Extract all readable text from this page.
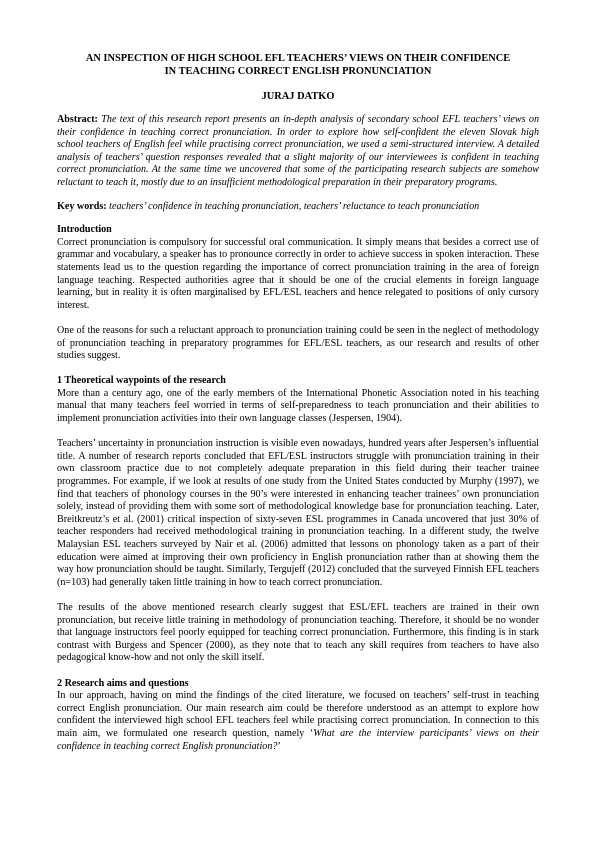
AN INSPECTION OF HIGH SCHOOL EFL TEACHERS’ VIEWS ON THEIR CONFIDENCE
IN TEACHING CORRECT ENGLISH PRONUNCIATION

JURAJ DATKO

Abstract: The text of this research report presents an in-depth analysis of secondary school EFL teachers’ views on their confidence in teaching correct pronunciation. In order to explore how self-confident the eleven Slovak high school teachers of English feel while practising correct pronunciation, we used a semi-structured interview. A detailed analysis of teachers’ question responses revealed that a slight majority of our interviewees is confident in teaching correct pronunciation. At the same time we uncovered that some of the participating research subjects are somehow reluctant to teach it, mostly due to an insufficient methodological preparation in their preparatory programs.

Key words: teachers’ confidence in teaching pronunciation, teachers’ reluctance to teach pronunciation

Introduction

Correct pronunciation is compulsory for successful oral communication. It simply means that besides a correct use of grammar and vocabulary, a speaker has to pronounce correctly in order to achieve success in spoken interaction. These statements lead us to the question regarding the importance of correct pronunciation training in the area of foreign language teaching. Respected authorities agree that it should be one of the crucial elements in foreign language learning, but in reality it is often marginalised by EFL/ESL teachers and hence relegated to positions of only cursory interest.

One of the reasons for such a reluctant approach to pronunciation training could be seen in the neglect of methodology of pronunciation teaching in preparatory programmes for EFL/ESL teachers, as our research and results of other studies suggest.

1 Theoretical waypoints of the research

More than a century ago, one of the early members of the International Phonetic Association noted in his teaching manual that many teachers feel worried in terms of self-preparedness to teach pronunciation and their abilities to implement pronunciation activities into their own language classes (Jespersen, 1904).

Teachers’ uncertainty in pronunciation instruction is visible even nowadays, hundred years after Jespersen’s influential title. A number of research reports concluded that EFL/ESL instructors struggle with pronunciation training in their own classroom practice due to not completely adequate preparation in this field during their teacher trainee programmes. For example, if we look at results of one study from the United States conducted by Murphy (1997), we find that teachers of phonology courses in the 90’s were interested in enhancing teacher trainees’ own pronunciation solely, instead of providing them with some sort of methodological knowledge base for pronunciation teaching. Later, Breitkreutz’s et al. (2001) critical inspection of sixty-seven ESL programmes in Canada uncovered that just 30% of teacher responders had received methodological training in pronunciation teaching. In a different study, the twelve Malaysian ESL teachers surveyed by Nair et al. (2006) admitted that lessons on phonology taken as a part of their education were aimed at improving their own proficiency in English pronunciation rather than at showing them the way how pronunciation should be taught. Similarly, Tergujeff (2012) concluded that the surveyed Finnish EFL teachers (n=103) had generally taken little training in how to teach correct pronunciation.

The results of the above mentioned research clearly suggest that ESL/EFL teachers are trained in their own pronunciation, but receive little training in methodology of pronunciation teaching. Therefore, it should be no wonder that language instructors feel poorly equipped for teaching correct pronunciation. Furthermore, this finding is in stark contrast with Burgess and Spencer (2000), as they note that to teach any skill requires from teachers to have also pedagogical know-how and not only the skill itself.

2 Research aims and questions

In our approach, having on mind the findings of the cited literature, we focused on teachers’ self-trust in teaching correct English pronunciation. Our main research aim could be therefore understood as an attempt to explore how confident the interviewed high school EFL teachers feel while practising correct pronunciation. In connection to this main aim, we formulated one research question, namely ‘What are the interview participants’ views on their confidence in teaching correct English pronunciation?’
